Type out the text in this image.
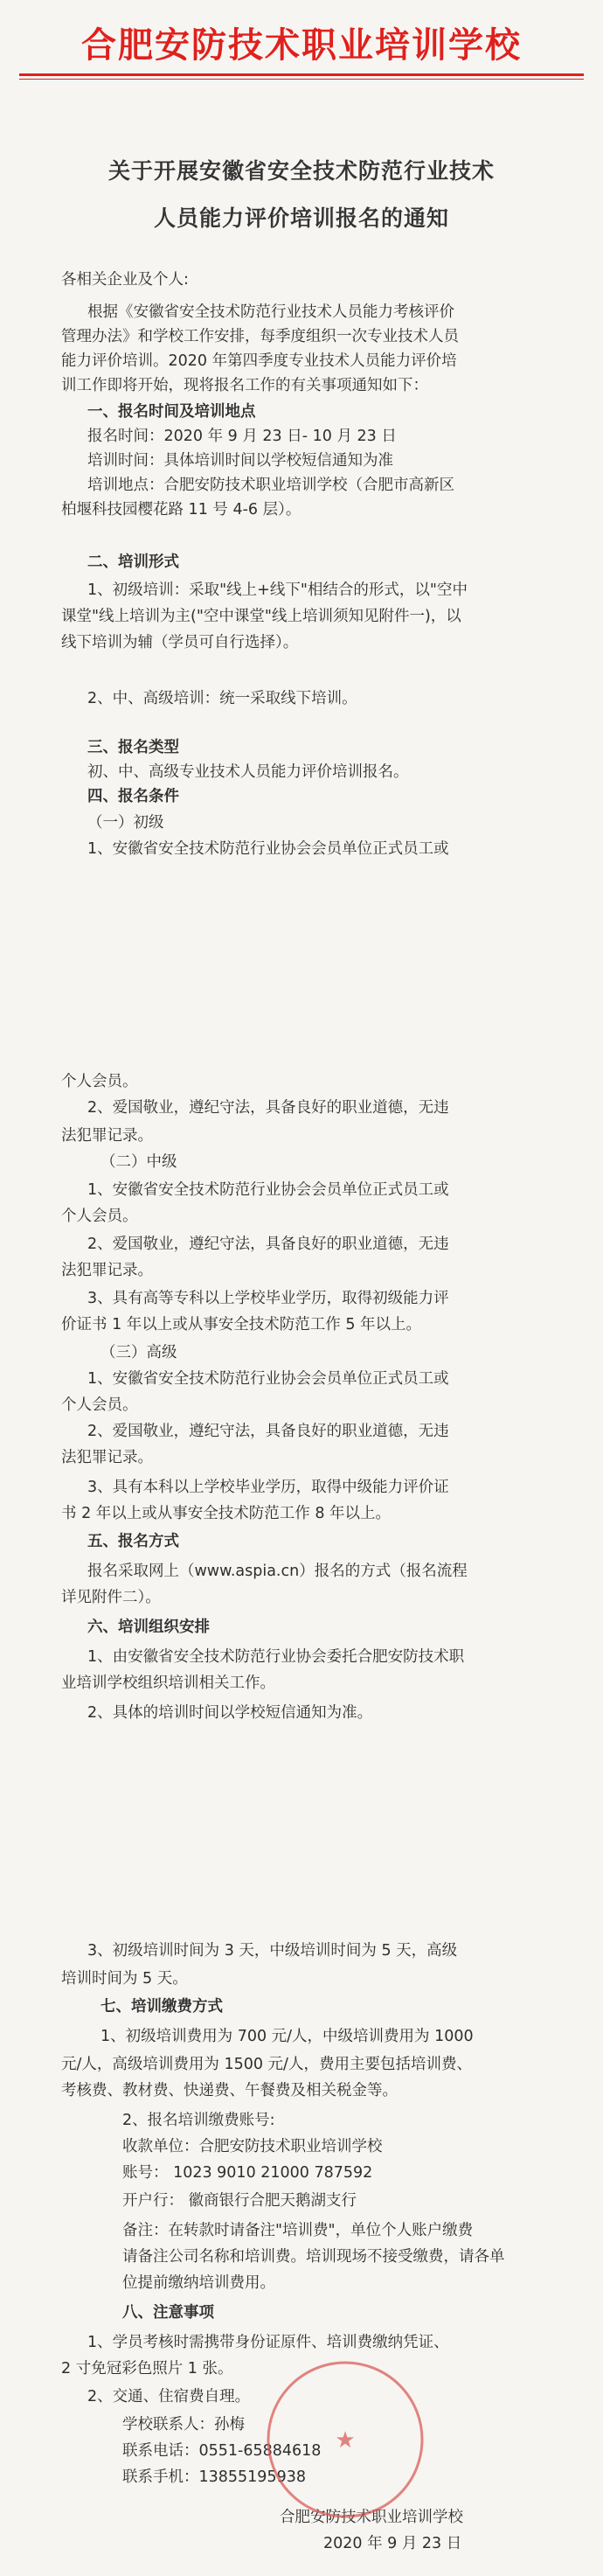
合肥安防技术职业培训学校
关于开展安徽省安全技术防范行业技术
人员能力评价培训报名的通知
各相关企业及个人:
根据《安徽省安全技术防范行业技术人员能力考核评价
管理办法》和学校工作安排，每季度组织一次专业技术人员
能力评价培训。2020 年第四季度专业技术人员能力评价培
训工作即将开始，现将报名工作的有关事项通知如下：
一、报名时间及培训地点
报名时间：2020 年 9 月 23 日- 10 月 23 日
培训时间：具体培训时间以学校短信通知为准
培训地点：合肥安防技术职业培训学校（合肥市高新区
柏堰科技园樱花路 11 号 4-6 层）。
二、培训形式
1、初级培训：采取"线上+线下"相结合的形式，以"空中
课堂"线上培训为主("空中课堂"线上培训须知见附件一)，以
线下培训为辅（学员可自行选择）。
2、中、高级培训：统一采取线下培训。
三、报名类型
初、中、高级专业技术人员能力评价培训报名。
四、报名条件
（一）初级
1、安徽省安全技术防范行业协会会员单位正式员工或
个人会员。
2、爱国敬业，遵纪守法，具备良好的职业道德，无违
法犯罪记录。
（二）中级
1、安徽省安全技术防范行业协会会员单位正式员工或
个人会员。
2、爱国敬业，遵纪守法，具备良好的职业道德，无违
法犯罪记录。
3、具有高等专科以上学校毕业学历，取得初级能力评
价证书 1 年以上或从事安全技术防范工作 5 年以上。
（三）高级
1、安徽省安全技术防范行业协会会员单位正式员工或
个人会员。
2、爱国敬业，遵纪守法，具备良好的职业道德，无违
法犯罪记录。
3、具有本科以上学校毕业学历，取得中级能力评价证
书 2 年以上或从事安全技术防范工作 8 年以上。
五、报名方式
报名采取网上（www.aspia.cn）报名的方式（报名流程
详见附件二）。
六、培训组织安排
1、由安徽省安全技术防范行业协会委托合肥安防技术职
业培训学校组织培训相关工作。
2、具体的培训时间以学校短信通知为准。
3、初级培训时间为 3 天，中级培训时间为 5 天，高级
培训时间为 5 天。
七、培训缴费方式
1、初级培训费用为 700 元/人，中级培训费用为 1000
元/人，高级培训费用为 1500 元/人，费用主要包括培训费、
考核费、教材费、快递费、午餐费及相关税金等。
2、报名培训缴费账号:
收款单位：合肥安防技术职业培训学校
账号： 1023 9010 21000 787592
开户行： 徽商银行合肥天鹅湖支行
备注：在转款时请备注"培训费"，单位个人账户缴费
请备注公司名称和培训费。培训现场不接受缴费，请各单
位提前缴纳培训费用。
八、注意事项
1、学员考核时需携带身份证原件、培训费缴纳凭证、
2 寸免冠彩色照片 1 张。
2、交通、住宿费自理。
学校联系人：孙梅
联系电话：0551-65884618
联系手机：13855195938
合肥安防技术职业培训学校
2020 年 9 月 23 日
★
